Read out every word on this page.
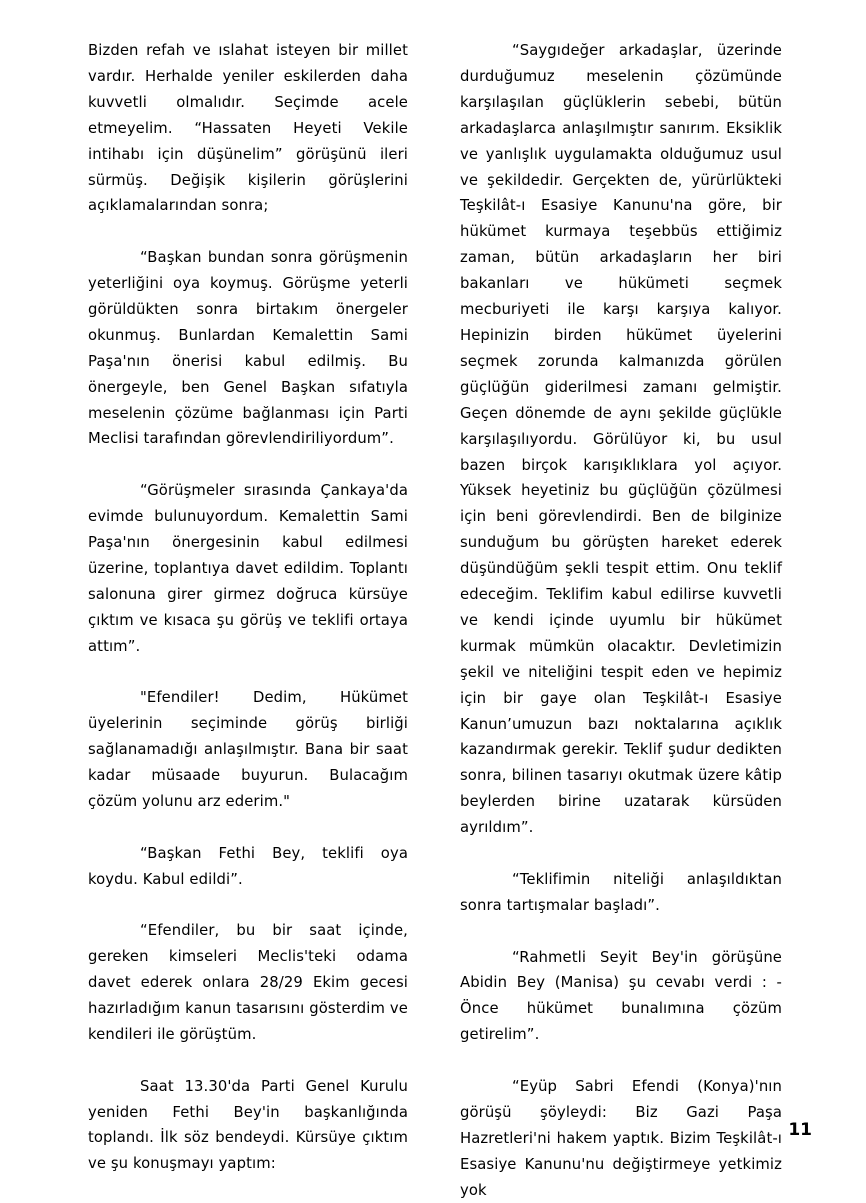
Bizden refah ve ıslahat isteyen bir millet vardır. Herhalde yeniler eskilerden daha kuvvetli olmalıdır. Seçimde acele etmeyelim. “Hassaten Heyeti Vekile intihabı için düşünelim” görüşünü ileri sürmüş. Değişik kişilerin görüşlerini açıklamalarından sonra;

“Başkan bundan sonra görüşmenin yeterliğini oya koymuş. Görüşme yeterli görüldükten sonra birtakım önergeler okunmuş. Bunlardan Kemalettin Sami Paşa'nın önerisi kabul edilmiş. Bu önergeyle, ben Genel Başkan sıfatıyla meselenin çözüme bağlanması için Parti Meclisi tarafından görevlendiriliyordum”.

“Görüşmeler sırasında Çankaya'da evimde bulunuyordum. Kemalettin Sami Paşa'nın önergesinin kabul edilmesi üzerine, toplantıya davet edildim. Toplantı salonuna girer girmez doğruca kürsüye çıktım ve kısaca şu görüş ve teklifi ortaya attım”.

"Efendiler! Dedim, Hükümet üyelerinin seçiminde görüş birliği sağlanamadığı anlaşılmıştır. Bana bir saat kadar müsaade buyurun. Bulacağım çözüm yolunu arz ederim."

“Başkan Fethi Bey, teklifi oya koydu. Kabul edildi”.

“Efendiler, bu bir saat içinde, gereken kimseleri Meclis'teki odama davet ederek onlara 28/29 Ekim gecesi hazırladığım kanun tasarısını gösterdim ve kendileri ile görüştüm.

Saat 13.30'da Parti Genel Kurulu yeniden Fethi Bey'in başkanlığında toplandı. İlk söz bendeydi. Kürsüye çıktım ve şu konuşmayı yaptım:

“Saygıdeğer arkadaşlar, üzerinde durduğumuz meselenin çözümünde karşılaşılan güçlüklerin sebebi, bütün arkadaşlarca anlaşılmıştır sanırım. Eksiklik ve yanlışlık uygulamakta olduğumuz usul ve şekildedir. Gerçekten de, yürürlükteki Teşkilât-ı Esasiye Kanunu'na göre, bir hükümet kurmaya teşebbüs ettiğimiz zaman, bütün arkadaşların her biri bakanları ve hükümeti seçmek mecburiyeti ile karşı karşıya kalıyor. Hepinizin birden hükümet üyelerini seçmek zorunda kalmanızda görülen güçlüğün giderilmesi zamanı gelmiştir. Geçen dönemde de aynı şekilde güçlükle karşılaşılıyordu. Görülüyor ki, bu usul bazen birçok karışıklıklara yol açıyor. Yüksek heyetiniz bu güçlüğün çözülmesi için beni görevlendirdi. Ben de bilginize sunduğum bu görüşten hareket ederek düşündüğüm şekli tespit ettim. Onu teklif edeceğim. Teklifim kabul edilirse kuvvetli ve kendi içinde uyumlu bir hükümet kurmak mümkün olacaktır. Devletimizin şekil ve niteliğini tespit eden ve hepimiz için bir gaye olan Teşkilât-ı Esasiye Kanun’umuzun bazı noktalarına açıklık kazandırmak gerekir. Teklif şudur dedikten sonra, bilinen tasarıyı okutmak üzere kâtip beylerden birine uzatarak kürsüden ayrıldım”.

“Teklifimin niteliği anlaşıldıktan sonra tartışmalar başladı”.

“Rahmetli Seyit Bey'in görüşüne Abidin Bey (Manisa) şu cevabı verdi : - Önce hükümet bunalımına çözüm getirelim”.

“Eyüp Sabri Efendi (Konya)'nın görüşü şöyleydi: Biz Gazi Paşa Hazretleri'ni hakem yaptık. Bizim Teşkilât-ı Esasiye Kanunu'nu değiştirmeye yetkimiz yok

11
